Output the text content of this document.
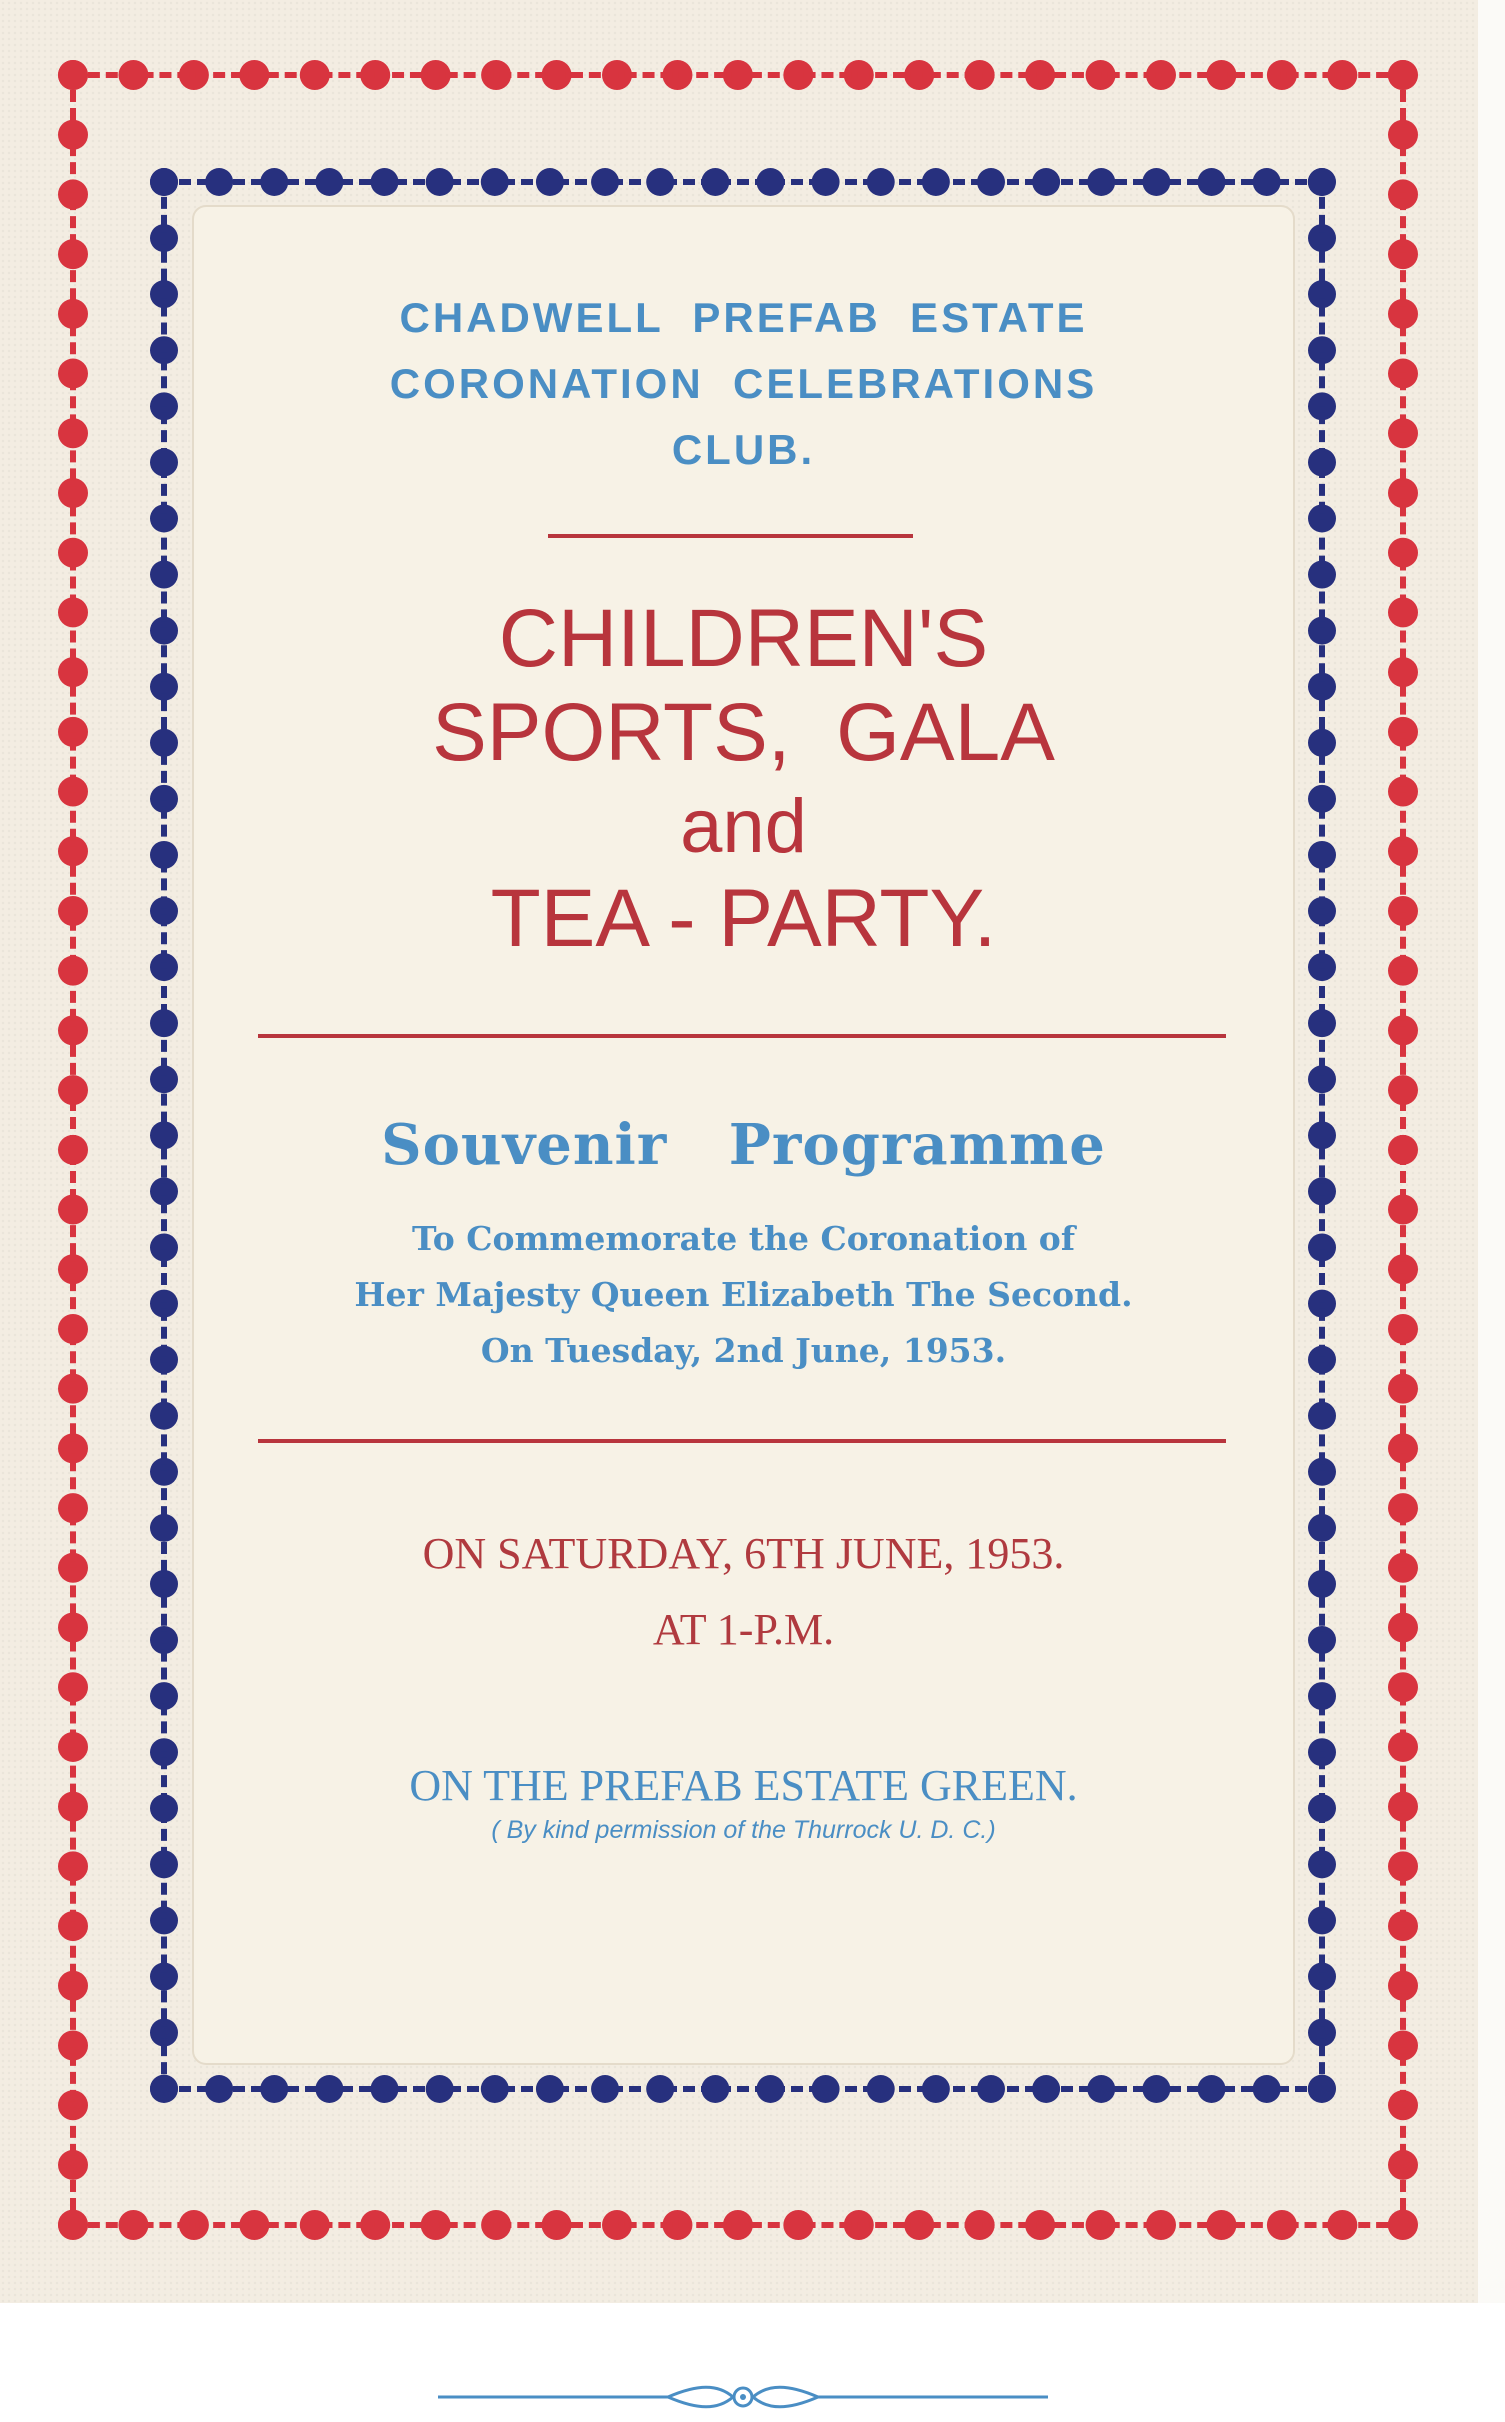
CHADWELL  PREFAB  ESTATE

CORONATION  CELEBRATIONS

CLUB.

CHILDREN'S

SPORTS,  GALA

and

TEA - PARTY.

Souvenir   Programme

To Commemorate the Coronation of

Her Majesty Queen Elizabeth The Second.

On Tuesday, 2nd June, 1953.

ON SATURDAY, 6TH JUNE, 1953.

AT 1-P.M.

ON THE PREFAB ESTATE GREEN.

( By kind permission of the Thurrock U. D. C.)
